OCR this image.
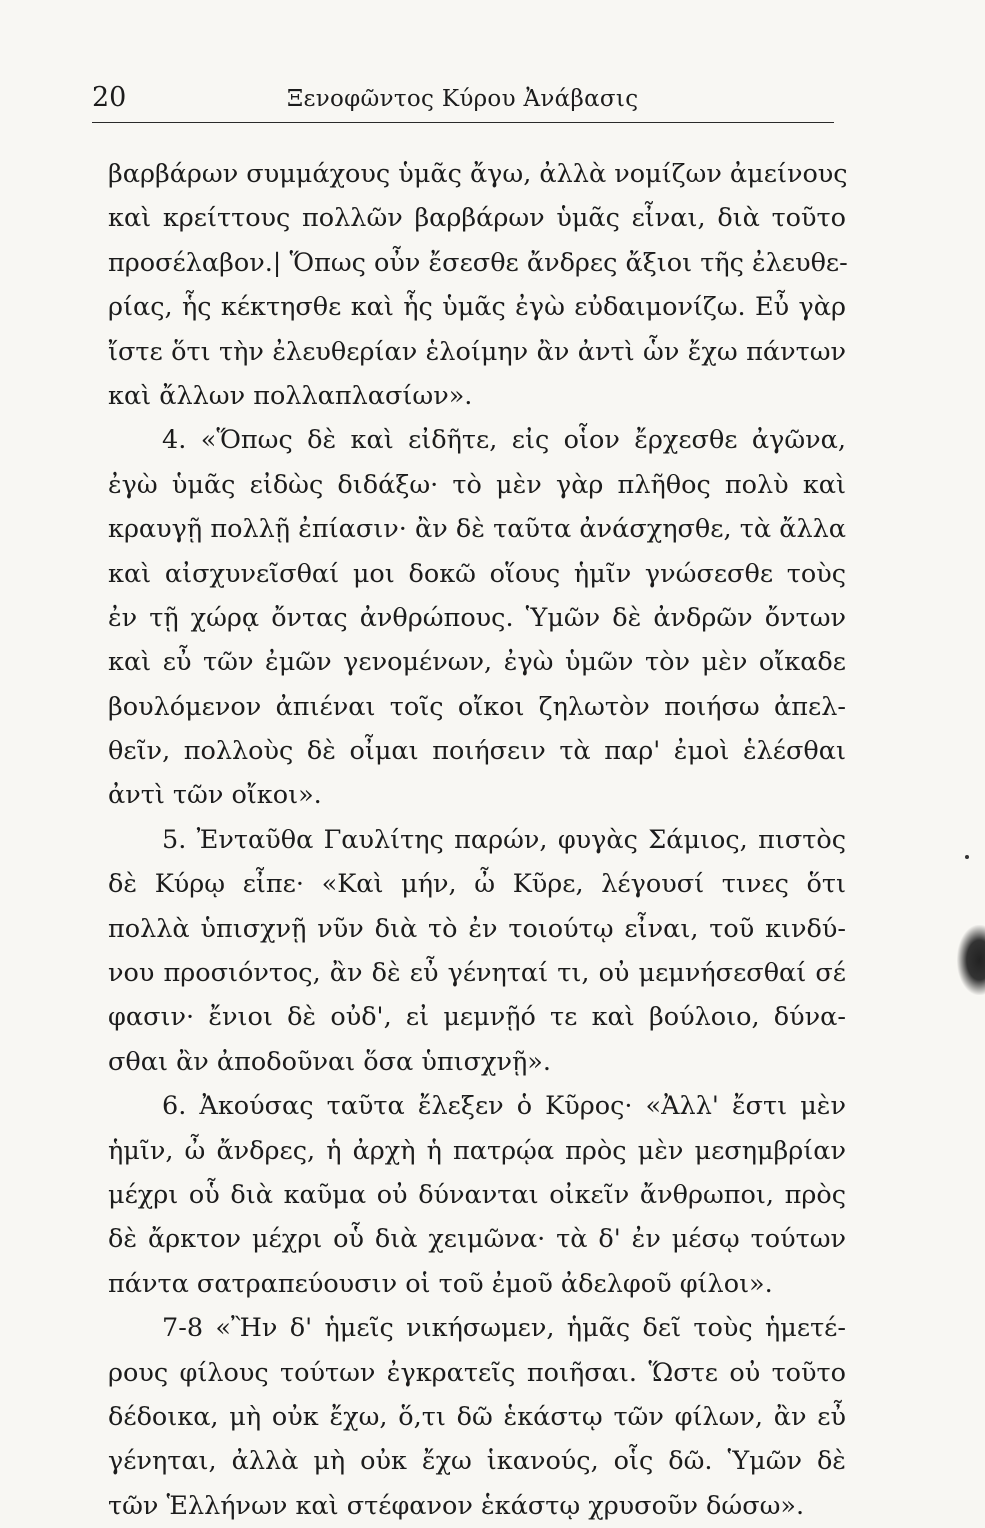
20	Ξενοφῶντος Κύρου Ἀνάβασις
βαρβάρων συμμάχους ὑμᾶς ἄγω, ἀλλὰ νομίζων ἀμείνους
καὶ κρείττους πολλῶν βαρβάρων ὑμᾶς εἶναι, διὰ τοῦτο
προσέλαβον.| Ὅπως οὖν ἔσεσθε ἄνδρες ἄξιοι τῆς ἐλευθε-
ρίας, ἧς κέκτησθε καὶ ἧς ὑμᾶς ἐγὼ εὐδαιμονίζω. Εὖ γὰρ
ἴστε ὅτι τὴν ἐλευθερίαν ἑλοίμην ἂν ἀντὶ ὧν ἔχω πάντων
καὶ ἄλλων πολλαπλασίων».
4. «Ὅπως δὲ καὶ εἰδῆτε, εἰς οἷον ἔρχεσθε ἀγῶνα,
ἐγὼ ὑμᾶς εἰδὼς διδάξω· τὸ μὲν γὰρ πλῆθος πολὺ καὶ
κραυγῇ πολλῇ ἐπίασιν· ἂν δὲ ταῦτα ἀνάσχησθε, τὰ ἄλλα
καὶ αἰσχυνεῖσθαί μοι δοκῶ οἵους ἡμῖν γνώσεσθε τοὺς
ἐν τῇ χώρᾳ ὄντας ἀνθρώπους. Ὑμῶν δὲ ἀνδρῶν ὄντων
καὶ εὖ τῶν ἐμῶν γενομένων, ἐγὼ ὑμῶν τὸν μὲν οἴκαδε
βουλόμενον ἀπιέναι τοῖς οἴκοι ζηλωτὸν ποιήσω ἀπελ-
θεῖν, πολλοὺς δὲ οἶμαι ποιήσειν τὰ παρ' ἐμοὶ ἑλέσθαι
ἀντὶ τῶν οἴκοι».
5. Ἐνταῦθα Γαυλίτης παρών, φυγὰς Σάμιος, πιστὸς
δὲ Κύρῳ εἶπε· «Καὶ μήν, ὦ Κῦρε, λέγουσί τινες ὅτι
πολλὰ ὑπισχνῇ νῦν διὰ τὸ ἐν τοιούτῳ εἶναι, τοῦ κινδύ-
νου προσιόντος, ἂν δὲ εὖ γένηταί τι, οὐ μεμνήσεσθαί σέ
φασιν· ἔνιοι δὲ οὐδ', εἰ μεμνῇό τε καὶ βούλοιο, δύνα-
σθαι ἂν ἀποδοῦναι ὅσα ὑπισχνῇ».
6. Ἀκούσας ταῦτα ἔλεξεν ὁ Κῦρος· «Ἀλλ' ἔστι μὲν
ἡμῖν, ὦ ἄνδρες, ἡ ἀρχὴ ἡ πατρῴα πρὸς μὲν μεσημβρίαν
μέχρι οὗ διὰ καῦμα οὐ δύνανται οἰκεῖν ἄνθρωποι, πρὸς
δὲ ἄρκτον μέχρι οὗ διὰ χειμῶνα· τὰ δ' ἐν μέσῳ τούτων
πάντα σατραπεύουσιν οἱ τοῦ ἐμοῦ ἀδελφοῦ φίλοι».
7-8 «Ἢν δ' ἡμεῖς νικήσωμεν, ἡμᾶς δεῖ τοὺς ἡμετέ-
ρους φίλους τούτων ἐγκρατεῖς ποιῆσαι. Ὥστε οὐ τοῦτο
δέδοικα, μὴ οὐκ ἔχω, ὅ,τι δῶ ἑκάστῳ τῶν φίλων, ἂν εὖ
γένηται, ἀλλὰ μὴ οὐκ ἔχω ἱκανούς, οἷς δῶ. Ὑμῶν δὲ
τῶν Ἑλλήνων καὶ στέφανον ἑκάστῳ χρυσοῦν δώσω».
